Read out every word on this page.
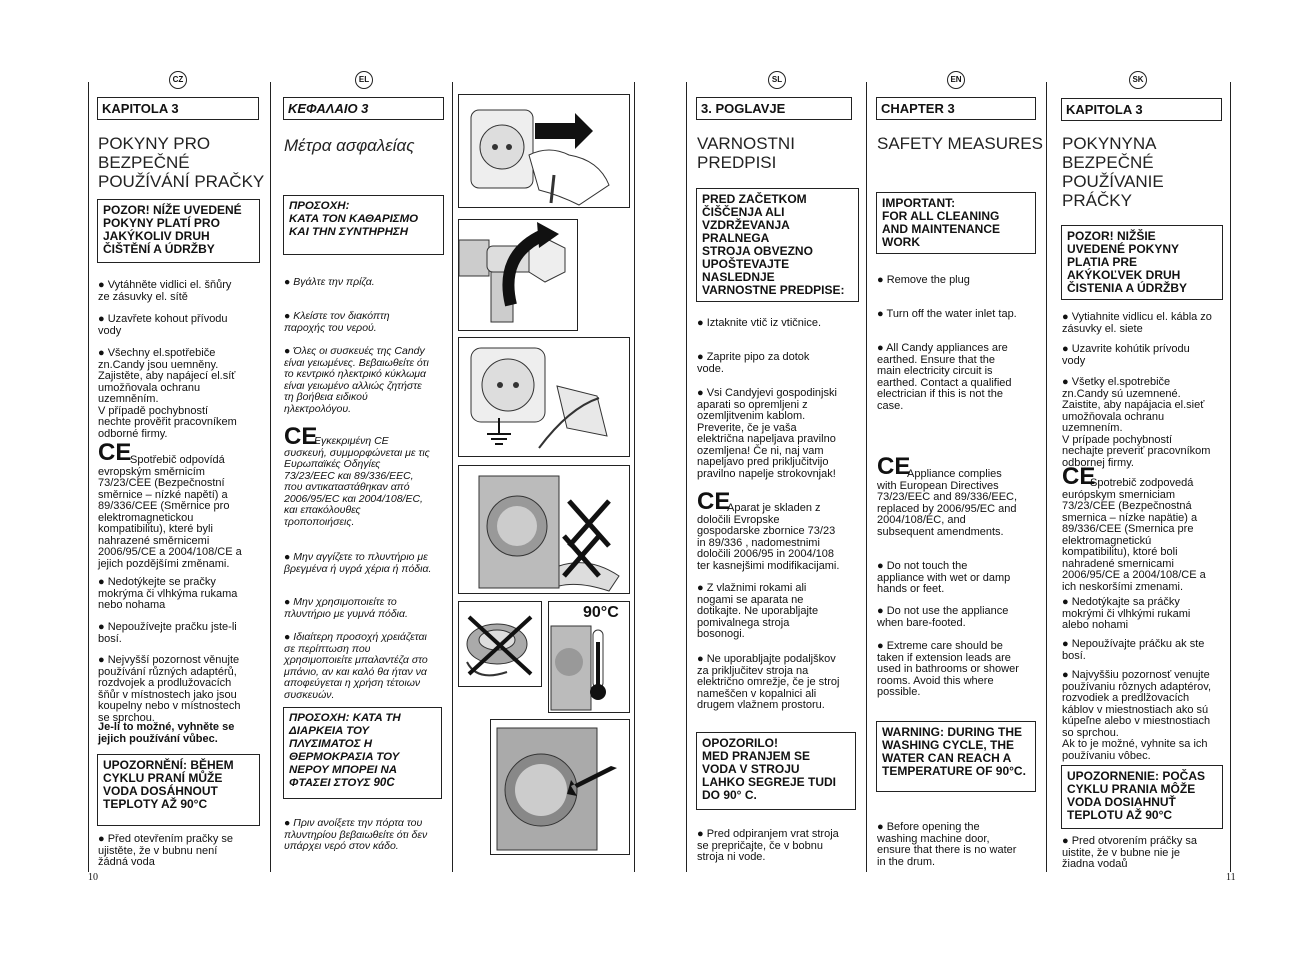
CZ
KAPITOLA 3
POKYNY PRO
BEZPEČNÉ
POUŽÍVÁNÍ PRAČKY
POZOR! NÍŽE UVEDENÉ POKYNY PLATÍ PRO JAKÝKOLIV DRUH ČIŠTĚNÍ A ÚDRŽBY
● Vytáhněte vidlici el. šňůry
ze zásuvky el. sítě
● Uzavřete kohout přívodu
vody
● Všechny el.spotřebiče
zn.Candy jsou uemněny.
Zajistěte, aby napájecí el.síť
umožňovala ochranu
uzemněním.
V případě pochybností
nechte prověřit pracovníkem
odborné firmy.
CE
Spotřebič odpovídá
evropským směrnicím
73/23/CEE (Bezpečnostní
směrnice – nízké napětí) a
89/336/CEE (Směrnice pro
elektromagnetickou
kompatibilitu), které byli
nahrazené směrnicemi
2006/95/CE a 2004/108/CE a
jejich pozdějšími změnami.
● Nedotýkejte se pračky
mokrýma či vlhkýma rukama
nebo nohama
● Nepoužívejte pračku jste-li
bosí.
● Nejvyšší pozornost věnujte
používání různých adaptérů,
rozdvojek a prodlužovacích
šňůr v místnostech jako jsou
koupelny nebo v místnostech
se sprchou.
Je-li to možné, vyhněte se
jejich používání vůbec.
UPOZORNĚNÍ: BĚHEM CYKLU PRANÍ MŮŽE VODA DOSÁHNOUT TEPLOTY AŽ 90°C
● Před otevřením pračky se
ujistěte, že v bubnu není
žádná voda
10
EL
ΚΕΦΑΛΑΙΟ 3
Μέτρα ασφαλείας
ΠΡΟΣΟΧΗ:
ΚΑΤΑ ΤΟΝ ΚΑΘΑΡΙΣΜΟ
ΚΑΙ ΤΗΝ ΣΥΝΤΗΡΗΣΗ
● Βγάλτε την πρίζα.
● Κλείστε τον διακόπτη
παροχής του νερού.
● Όλες οι συσκευές της Candy
είναι γειωμένες. Βεβαιωθείτε ότι
το κεντρικό ηλεκτρικό κύκλωμα
είναι γειωμένο αλλιώς ζητήστε
τη βοήθεια ειδικού
ηλεκτρολόγου.
CE
Εγκεκριμένη CE
συσκευή, συμμορφώνεται με τις
Ευρωπαϊκές Οδηγίες
73/23/EEC και 89/336/EEC,
που αντικαταστάθηκαν από
2006/95/EC και 2004/108/EC,
και επακόλουθες
τροποποιήσεις.
● Μην αγγίζετε το πλυντήριο με
βρεγμένα ή υγρά χέρια ή πόδια.
● Μην χρησιμοποιείτε το
πλυντήριο με γυμνά πόδια.
● Ιδιαίτερη προσοχή χρειάζεται
σε περίπτωση που
χρησιμοποιείτε μπαλαντέζα στο
μπάνιο, αν και καλό θα ήταν να
αποφεύγεται η χρήση τέτοιων
συσκευών.
ΠΡΟΣΟΧΗ: ΚΑΤΑ ΤΗ
ΔΙΑΡΚΕΙΑ ΤΟΥ
ΠΛΥΣΙΜΑΤΟΣ Η
ΘΕΡΜΟΚΡΑΣΙΑ ΤΟΥ
ΝΕΡΟΥ ΜΠΟΡΕΙ ΝΑ
ΦΤΑΣΕΙ ΣΤΟΥΣ 90C
● Πριν ανοίξετε την πόρτα του
πλυντηρίου βεβαιωθείτε ότι δεν
υπάρχει νερό στον κάδο.
90°C
SL
3. POGLAVJE
VARNOSTNI
PREDPISI
PRED ZAČETKOM
ČIŠČENJA ALI
VZDRŽEVANJA
PRALNEGA
STROJA OBVEZNO
UPOŠTEVAJTE
NASLEDNJE
VARNOSTNE PREDPISE:
● Iztaknite vtič iz vtičnice.
● Zaprite pipo za dotok
vode.
● Vsi Candyjevi gospodinjski
aparati so opremljeni z
ozemljitvenim kablom.
Preverite, če je vaša
električna napeljava pravilno
ozemljena! Če ni, naj vam
napeljavo pred priključitvijo
pravilno napelje strokovnjak!
CE
Aparat je skladen z
določili Evropske
gospodarske zbornice 73/23
in 89/336 , nadomestnimi
določili 2006/95 in 2004/108
ter kasnejšimi modifikacijami.
● Z vlažnimi rokami ali
nogami se aparata ne
dotikajte. Ne uporabljajte
pomivalnega stroja
bosonogi.
● Ne uporabljajte podaljškov
za priključitev stroja na
električno omrežje, če je stroj
nameščen v kopalnici ali
drugem vlažnem prostoru.
OPOZORILO!
MED PRANJEM SE
VODA V STROJU
LAHKO SEGREJE TUDI
DO 90° C.
● Pred odpiranjem vrat stroja
se prepričajte, če v bobnu
stroja ni vode.
EN
CHAPTER 3
SAFETY MEASURES
IMPORTANT:
FOR ALL CLEANING
AND MAINTENANCE
WORK
● Remove the plug
● Turn off the water inlet tap.
● All Candy appliances are
earthed. Ensure that the
main electricity circuit is
earthed. Contact a qualified
electrician if this is not the
case.
CE
Appliance complies
with European Directives
73/23/EEC and 89/336/EEC,
replaced by 2006/95/EC and
2004/108/EC, and
subsequent amendments.
● Do not touch the
appliance with wet or damp
hands or feet.
● Do not use the appliance
when bare-footed.
● Extreme care should be
taken if extension leads are
used in bathrooms or shower
rooms. Avoid this where
possible.
WARNING: DURING THE
WASHING CYCLE, THE
WATER CAN REACH A
TEMPERATURE OF 90°C.
● Before opening the
washing machine door,
ensure that there is no water
in the drum.
SK
KAPITOLA 3
POKYNYNA
BEZPEČNÉ
POUŽÍVANIE
PRÁČKY
POZOR! NIŽŠIE
UVEDENÉ POKYNY
PLATIA PRE
AKÝKOĽVEK DRUH
ČISTENIA A ÚDRŽBY
● Vytiahnite vidlicu el. kábla zo
zásuvky el. siete
● Uzavrite kohútik prívodu
vody
● Všetky el.spotrebiče
zn.Candy sú uzemnené.
Zaistite, aby napájacia el.sieť
umožňovala ochranu
uzemnením.
V prípade pochybností
nechajte preveriť pracovníkom
odbornej firmy.
CE
Spotrebič zodpovedá
európskym smerniciam
73/23/CEE (Bezpečnostná
smernica – nízke napätie) a
89/336/CEE (Smernica pre
elektromagnetickú
kompatibilitu), ktoré boli
nahradené smernicami
2006/95/CE a 2004/108/CE a
ich neskoršími zmenami.
● Nedotýkajte sa práčky
mokrými či vlhkými rukami
alebo nohami
● Nepoužívajte práčku ak ste
bosí.
● Najvyššiu pozornosť venujte
používaniu rôznych adaptérov,
rozvodiek a predlžovacích
káblov v miestnostiach ako sú
kúpeľne alebo v miestnostiach
so sprchou.
Ak to je možné, vyhnite sa ich
používaniu vôbec.
UPOZORNENIE: POČAS
CYKLU PRANIA MÔŽE
VODA DOSIAHNUŤ
TEPLOTU AŽ 90°C
● Pred otvorením práčky sa
uistite, že v bubne nie je
žiadna vodaů
11
